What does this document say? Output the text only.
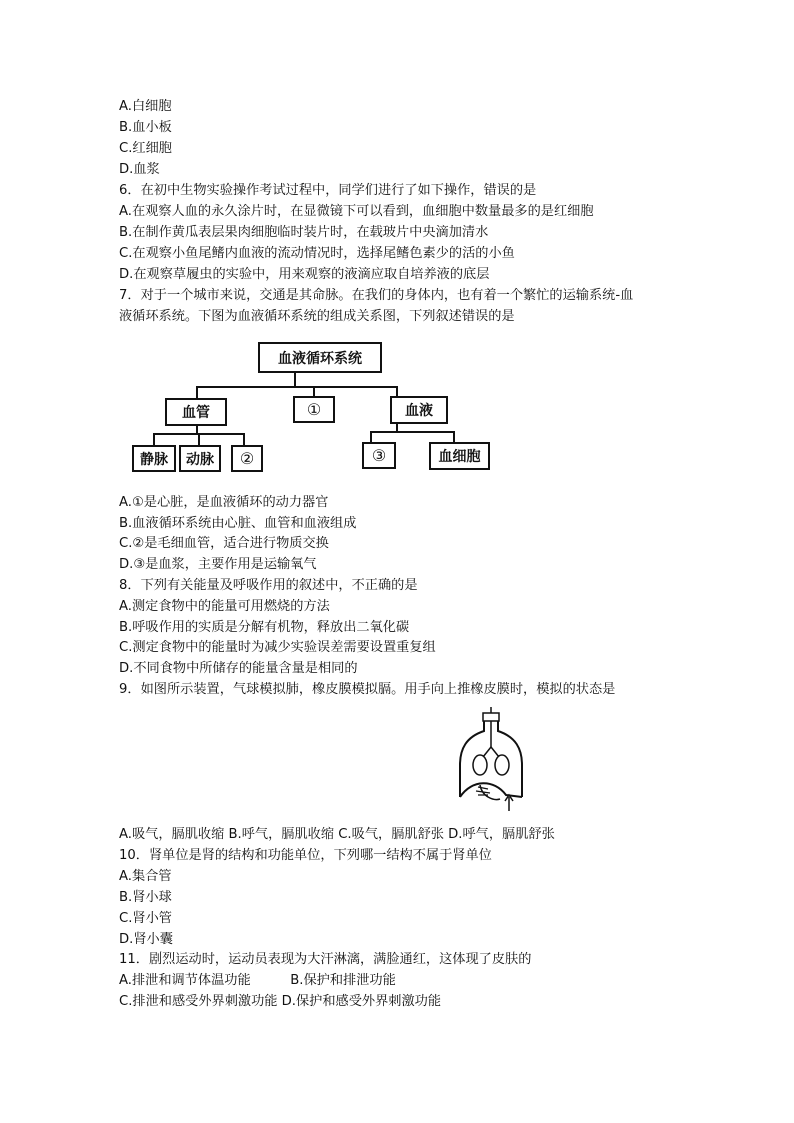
A.白细胞
B.血小板
C.红细胞
D.血浆
6．在初中生物实验操作考试过程中，同学们进行了如下操作，错误的是
A.在观察人血的永久涂片时，在显微镜下可以看到，血细胞中数量最多的是红细胞
B.在制作黄瓜表层果肉细胞临时装片时，在载玻片中央滴加清水
C.在观察小鱼尾鳍内血液的流动情况时，选择尾鳍色素少的活的小鱼
D.在观察草履虫的实验中，用来观察的液滴应取自培养液的底层
7．对于一个城市来说，交通是其命脉。在我们的身体内，也有着一个繁忙的运输系统-血
液循环系统。下图为血液循环系统的组成关系图，下列叙述错误的是
血液循环系统
血管	①	血液
静脉	动脉	②	③	血细胞
A.①是心脏，是血液循环的动力器官
B.血液循环系统由心脏、血管和血液组成
C.②是毛细血管，适合进行物质交换
D.③是血浆，主要作用是运输氧气
8．下列有关能量及呼吸作用的叙述中，不正确的是
A.测定食物中的能量可用燃烧的方法
B.呼吸作用的实质是分解有机物，释放出二氧化碳
C.测定食物中的能量时为减少实验误差需要设置重复组
D.不同食物中所储存的能量含量是相同的
9．如图所示装置，气球模拟肺，橡皮膜模拟膈。用手向上推橡皮膜时，模拟的状态是
A.吸气，膈肌收缩 B.呼气，膈肌收缩 C.吸气，膈肌舒张 D.呼气，膈肌舒张
10．肾单位是肾的结构和功能单位，下列哪一结构不属于肾单位
A.集合管
B.肾小球
C.肾小管
D.肾小囊
11．剧烈运动时，运动员表现为大汗淋漓，满脸通红，这体现了皮肤的
A.排泄和调节体温功能　　　B.保护和排泄功能
C.排泄和感受外界刺激功能 D.保护和感受外界刺激功能
